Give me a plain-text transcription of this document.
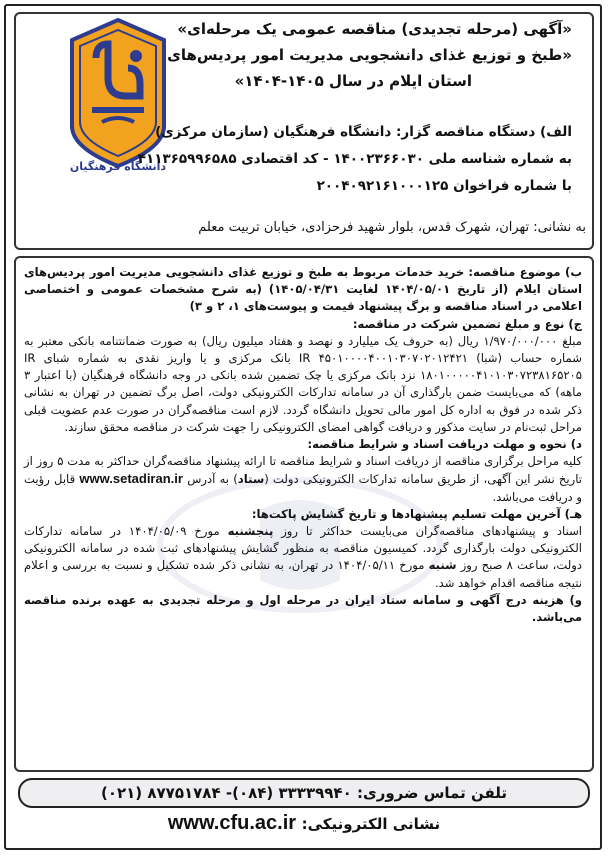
دانشگاه فرهنگیان
«آگهی (مرحله تجدیدی) مناقصه عمومی یک مرحله‌ای»
«طبخ و توزیع غذای دانشجویی مدیریت امور پردیس‌های
استان ایلام در سال ۱۴۰۵-۱۴۰۴»
الف) دستگاه مناقصه گزار: دانشگاه فرهنگیان (سازمان مرکزی)
به شماره شناسه ملی ۱۴۰۰۲۳۶۶۰۳۰ - کد اقتصادی ۴۱۱۳۶۵۹۹۶۵۸۵
با شماره فراخوان ۲۰۰۴۰۹۲۱۶۱۰۰۰۱۲۵
به نشانی: تهران، شهرک قدس، بلوار شهید فرحزادی، خیابان تربیت معلم

ب) موضوع مناقصه: خرید خدمات مربوط به طبخ و توزیع غذای دانشجویی مدیریت امور پردیس‌های استان ایلام (از تاریخ ۱۴۰۴/۰۵/۰۱ لغایت ۱۴۰۵/۰۴/۳۱) (به شرح مشخصات عمومی و اختصاصی اعلامی در اسناد مناقصه و برگ پیشنهاد قیمت و پیوست‌های ۱، ۲ و ۳)

ج) نوع و مبلغ تضمین شرکت در مناقصه:

مبلغ ۱/۹۷۰/۰۰۰/۰۰۰ ریال (به حروف یک میلیارد و نهصد و هفتاد میلیون ریال) به صورت ضمانتنامه بانکی معتبر به شماره حساب (شبا) IR ۴۵۰۱۰۰۰۰۴۰۰۱۰۳۰۷۰۲۰۱۲۴۲۱ بانک مرکزی و یا واریز نقدی به شماره شبای IR ۱۸۰۱۰۰۰۰۰۴۱۰۱۰۳۰۷۲۳۸۱۶۵۲۰۵ نزد بانک مرکزی یا چک تضمین شده بانکی در وجه دانشگاه فرهنگیان (با اعتبار ۳ ماهه) که می‌بایست ضمن بارگذاری آن در سامانه تدارکات الکترونیکی دولت، اصل برگ تضمین در تهران به نشانی ذکر شده در فوق به اداره کل امور مالی تحویل دانشگاه گردد. لازم است مناقصه‌گران در صورت عدم عضویت قبلی مراحل ثبت‌نام در سایت مذکور و دریافت گواهی امضای الکترونیکی را جهت شرکت در مناقصه محقق سازند.

د) نحوه و مهلت دریافت اسناد و شرایط مناقصه:

کلیه مراحل برگزاری مناقصه از دریافت اسناد و شرایط مناقصه تا ارائه پیشنهاد مناقصه‌گران حداکثر به مدت ۵ روز از تاریخ نشر این آگهی، از طریق سامانه تدارکات الکترونیکی دولت (ستاد) به آدرس www.setadiran.ir قابل رؤیت و دریافت می‌باشد.

هـ) آخرین مهلت تسلیم پیشنهادها و تاریخ گشایش پاکت‌ها:

اسناد و پیشنهادهای مناقصه‌گران می‌بایست حداکثر تا روز پنجشنبه مورخ ۱۴۰۴/۰۵/۰۹ در سامانه تدارکات الکترونیکی دولت بارگذاری گردد. کمیسیون مناقصه به منظور گشایش پیشنهادهای ثبت شده در سامانه الکترونیکی دولت، ساعت ۸ صبح روز شنبه مورخ ۱۴۰۴/۰۵/۱۱ در تهران، به نشانی ذکر شده تشکیل و نسبت به بررسی و اعلام نتیجه مناقصه اقدام خواهد شد.

و) هزینه درج آگهی و سامانه ستاد ایران در مرحله اول و مرحله تجدیدی به عهده برنده مناقصه می‌باشد.

تلفن تماس ضروری: ۳۳۳۳۹۹۴۰ (۰۸۴)- ۸۷۷۵۱۷۸۴ (۰۲۱)
نشانی الکترونیکی: www.cfu.ac.ir
